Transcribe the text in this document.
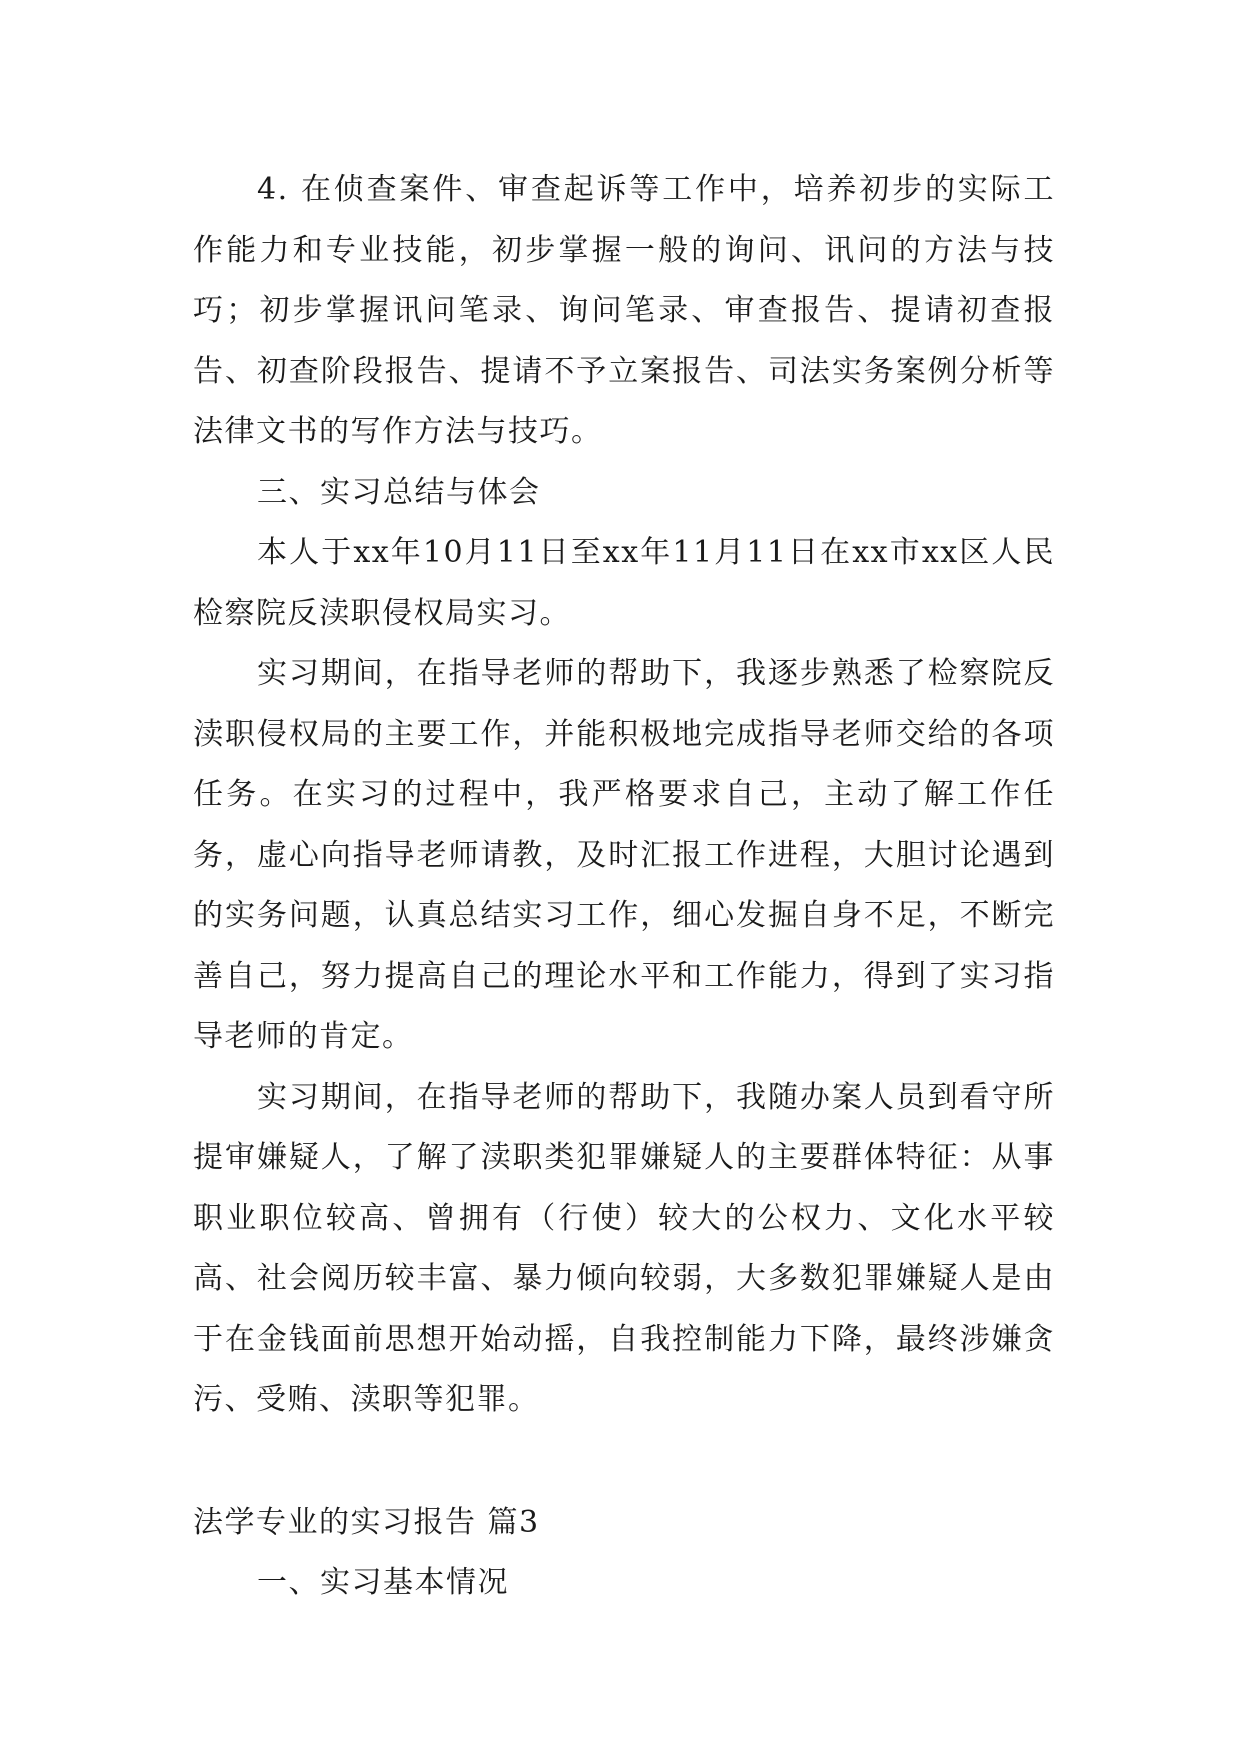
4. 在侦查案件、审查起诉等工作中，培养初步的实际工作能力和专业技能，初步掌握一般的询问、讯问的方法与技巧；初步掌握讯问笔录、询问笔录、审查报告、提请初查报告、初查阶段报告、提请不予立案报告、司法实务案例分析等法律文书的写作方法与技巧。

三、实习总结与体会

本人于xx年10月11日至xx年11月11日在xx市xx区人民检察院反渎职侵权局实习。

实习期间，在指导老师的帮助下，我逐步熟悉了检察院反渎职侵权局的主要工作，并能积极地完成指导老师交给的各项任务。在实习的过程中，我严格要求自己，主动了解工作任务，虚心向指导老师请教，及时汇报工作进程，大胆讨论遇到的实务问题，认真总结实习工作，细心发掘自身不足，不断完善自己，努力提高自己的理论水平和工作能力，得到了实习指导老师的肯定。

实习期间，在指导老师的帮助下，我随办案人员到看守所提审嫌疑人，了解了渎职类犯罪嫌疑人的主要群体特征：从事职业职位较高、曾拥有（行使）较大的公权力、文化水平较高、社会阅历较丰富、暴力倾向较弱，大多数犯罪嫌疑人是由于在金钱面前思想开始动摇，自我控制能力下降，最终涉嫌贪污、受贿、渎职等犯罪。

法学专业的实习报告 篇3

一、实习基本情况
